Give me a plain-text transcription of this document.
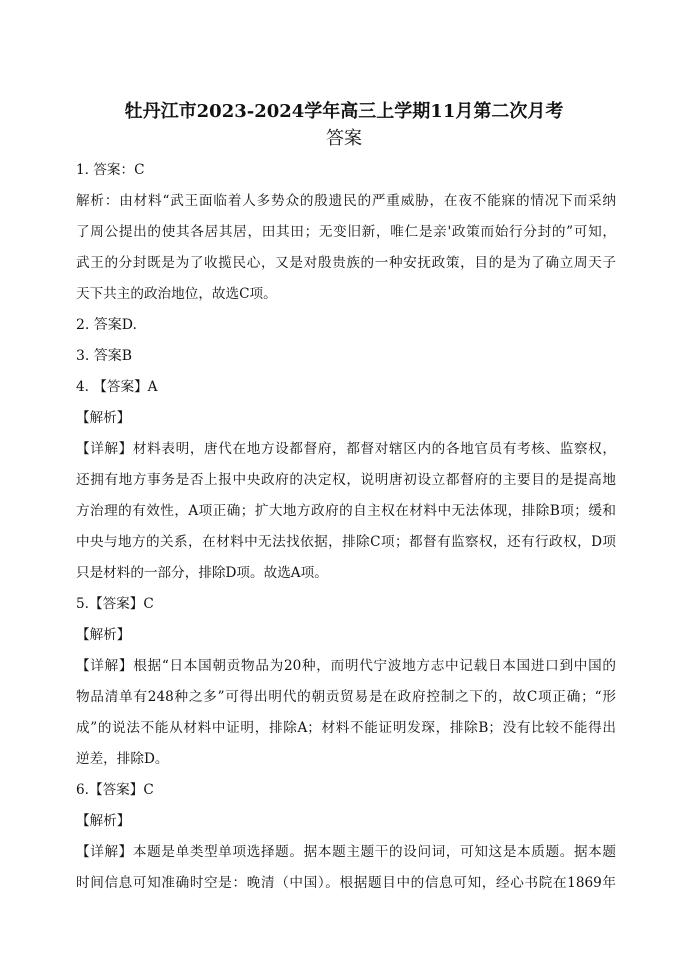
牡丹江市2023-2024学年高三上学期11月第二次月考
答案
1. 答案：C
解析：由材料“武王面临着人多势众的殷遗民的严重威胁，在夜不能寐的情况下而采纳
了周公提出的使其各居其居，田其田；无变旧新，唯仁是亲'政策而始行分封的”可知，
武王的分封既是为了收揽民心，又是对殷贵族的一种安抚政策，目的是为了确立周天子
天下共主的政治地位，故选C项。
2. 答案D.
3. 答案B
4. 【答案】A
【解析】
【详解】材料表明，唐代在地方设都督府，都督对辖区内的各地官员有考核、监察权，
还拥有地方事务是否上报中央政府的决定权，说明唐初设立都督府的主要目的是提高地
方治理的有效性，A项正确；扩大地方政府的自主权在材料中无法体现，排除B项；缓和
中央与地方的关系，在材料中无法找依据，排除C项；都督有监察权，还有行政权，D项
只是材料的一部分，排除D项。故选A项。
5.【答案】C
【解析】
【详解】根据“日本国朝贡物品为20种，而明代宁波地方志中记载日本国进口到中国的
物品清单有248种之多”可得出明代的朝贡贸易是在政府控制之下的，故C项正确；“形
成”的说法不能从材料中证明，排除A；材料不能证明发琛，排除B；没有比较不能得出
逆差，排除D。
6.【答案】C
【解析】
【详解】本题是单类型单项选择题。据本题主题干的设问词，可知这是本质题。据本题
时间信息可知准确时空是：晚清（中国）。根据题目中的信息可知，经心书院在1869年
